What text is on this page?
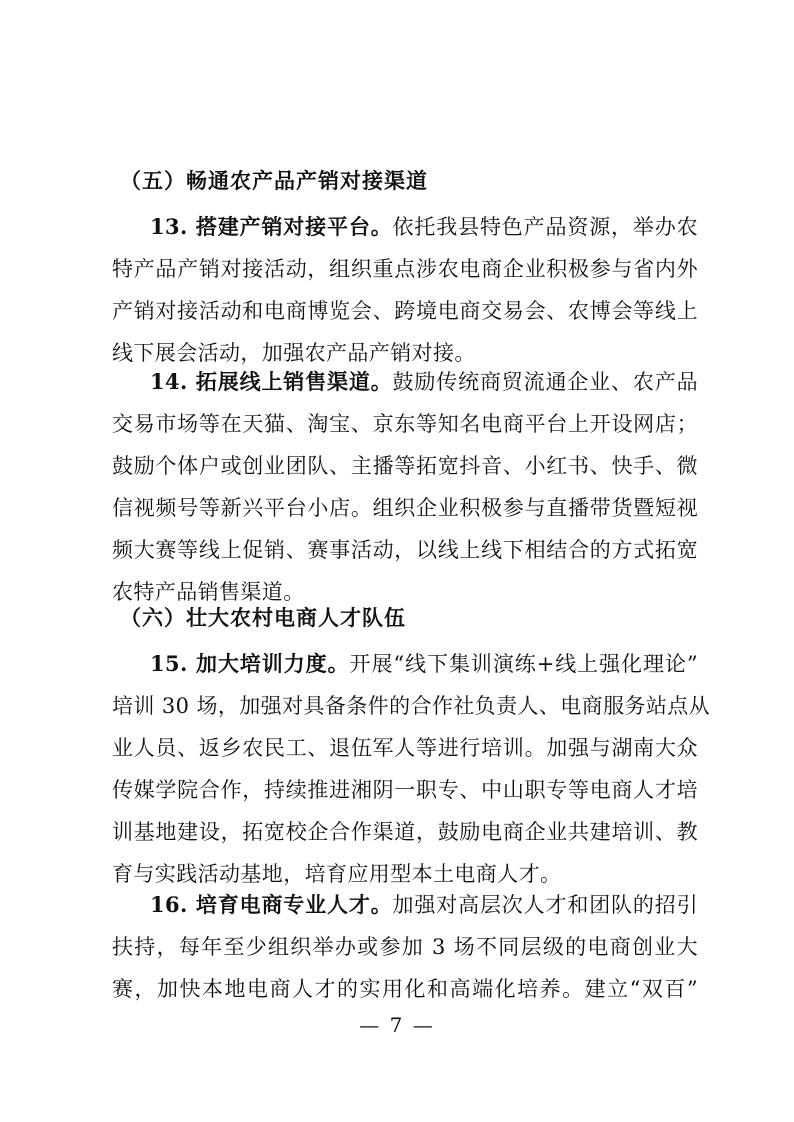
（五）畅通农产品产销对接渠道
13. 搭建产销对接平台。依托我县特色产品资源，举办农
特产品产销对接活动，组织重点涉农电商企业积极参与省内外
产销对接活动和电商博览会、跨境电商交易会、农博会等线上
线下展会活动，加强农产品产销对接。
14. 拓展线上销售渠道。鼓励传统商贸流通企业、农产品
交易市场等在天猫、淘宝、京东等知名电商平台上开设网店；
鼓励个体户或创业团队、主播等拓宽抖音、小红书、快手、微
信视频号等新兴平台小店。组织企业积极参与直播带货暨短视
频大赛等线上促销、赛事活动，以线上线下相结合的方式拓宽
农特产品销售渠道。
（六）壮大农村电商人才队伍
15. 加大培训力度。开展“线下集训演练+线上强化理论”
培训 30 场，加强对具备条件的合作社负责人、电商服务站点从
业人员、返乡农民工、退伍军人等进行培训。加强与湖南大众
传媒学院合作，持续推进湘阴一职专、中山职专等电商人才培
训基地建设，拓宽校企合作渠道，鼓励电商企业共建培训、教
育与实践活动基地，培育应用型本土电商人才。
16. 培育电商专业人才。加强对高层次人才和团队的招引
扶持，每年至少组织举办或参加 3 场不同层级的电商创业大
赛，加快本地电商人才的实用化和高端化培养。建立“双百”
— 7 —
